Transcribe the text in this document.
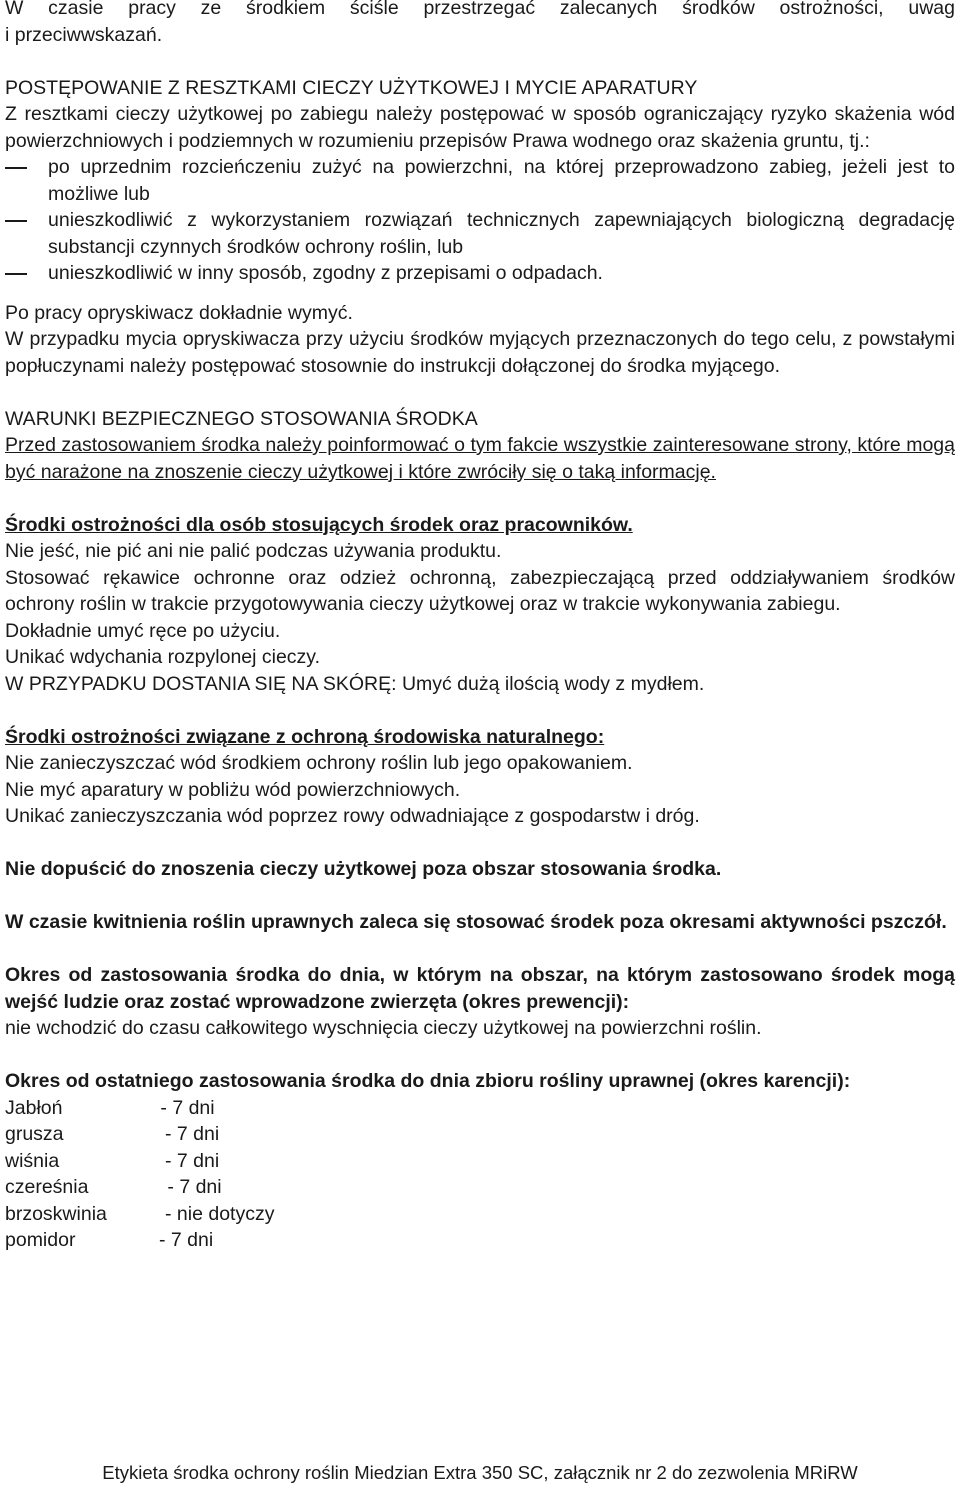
W czasie pracy ze środkiem ściśle przestrzegać zalecanych środków ostrożności, uwag

i przeciwwskazań.

POSTĘPOWANIE Z RESZTKAMI CIECZY UŻYTKOWEJ I MYCIE APARATURY

Z resztkami cieczy użytkowej po zabiegu należy postępować w sposób ograniczający ryzyko skażenia wód powierzchniowych i podziemnych w rozumieniu przepisów Prawa wodnego oraz skażenia gruntu, tj.:

po uprzednim rozcieńczeniu zużyć na powierzchni, na której przeprowadzono zabieg, jeżeli jest to możliwe lub
unieszkodliwić z wykorzystaniem rozwiązań technicznych zapewniających biologiczną degradację substancji czynnych środków ochrony roślin, lub
unieszkodliwić w inny sposób, zgodny z przepisami o odpadach.

Po pracy opryskiwacz dokładnie wymyć.

W przypadku mycia opryskiwacza przy użyciu środków myjących przeznaczonych do tego celu, z powstałymi popłuczynami należy postępować stosownie do instrukcji dołączonej do środka myjącego.

WARUNKI BEZPIECZNEGO STOSOWANIA ŚRODKA

Przed zastosowaniem środka należy poinformować o tym fakcie wszystkie zainteresowane strony, które mogą być narażone na znoszenie cieczy użytkowej i które zwróciły się o taką informację.

Środki ostrożności dla osób stosujących środek oraz pracowników.

Nie jeść, nie pić ani nie palić podczas używania produktu.

Stosować rękawice ochronne oraz odzież ochronną, zabezpieczającą przed oddziaływaniem środków ochrony roślin w trakcie przygotowywania cieczy użytkowej oraz w trakcie wykonywania zabiegu.

Dokładnie umyć ręce po użyciu.

Unikać wdychania rozpylonej cieczy.

W PRZYPADKU DOSTANIA SIĘ NA SKÓRĘ: Umyć dużą ilością wody z mydłem.

Środki ostrożności związane z ochroną środowiska naturalnego:

Nie zanieczyszczać wód środkiem ochrony roślin lub jego opakowaniem.

Nie myć aparatury w pobliżu wód powierzchniowych.

Unikać zanieczyszczania wód poprzez rowy odwadniające z gospodarstw i dróg.

Nie dopuścić do znoszenia cieczy użytkowej poza obszar stosowania środka.

W czasie kwitnienia roślin uprawnych zaleca się stosować środek poza okresami aktywności pszczół.

Okres od zastosowania środka do dnia, w którym na obszar, na którym zastosowano środek mogą wejść ludzie oraz zostać wprowadzone zwierzęta (okres prewencji):

nie wchodzić do czasu całkowitego wyschnięcia cieczy użytkowej na powierzchni roślin.

Okres od ostatniego zastosowania środka do dnia zbioru rośliny uprawnej (okres karencji):

Jabłoń	- 7 dni
grusza	- 7 dni
wiśnia	- 7 dni
czereśnia	- 7 dni
brzoskwinia	- nie dotyczy
pomidor	- 7 dni
Etykieta środka ochrony roślin Miedzian Extra 350 SC, załącznik nr 2 do zezwolenia MRiRW
